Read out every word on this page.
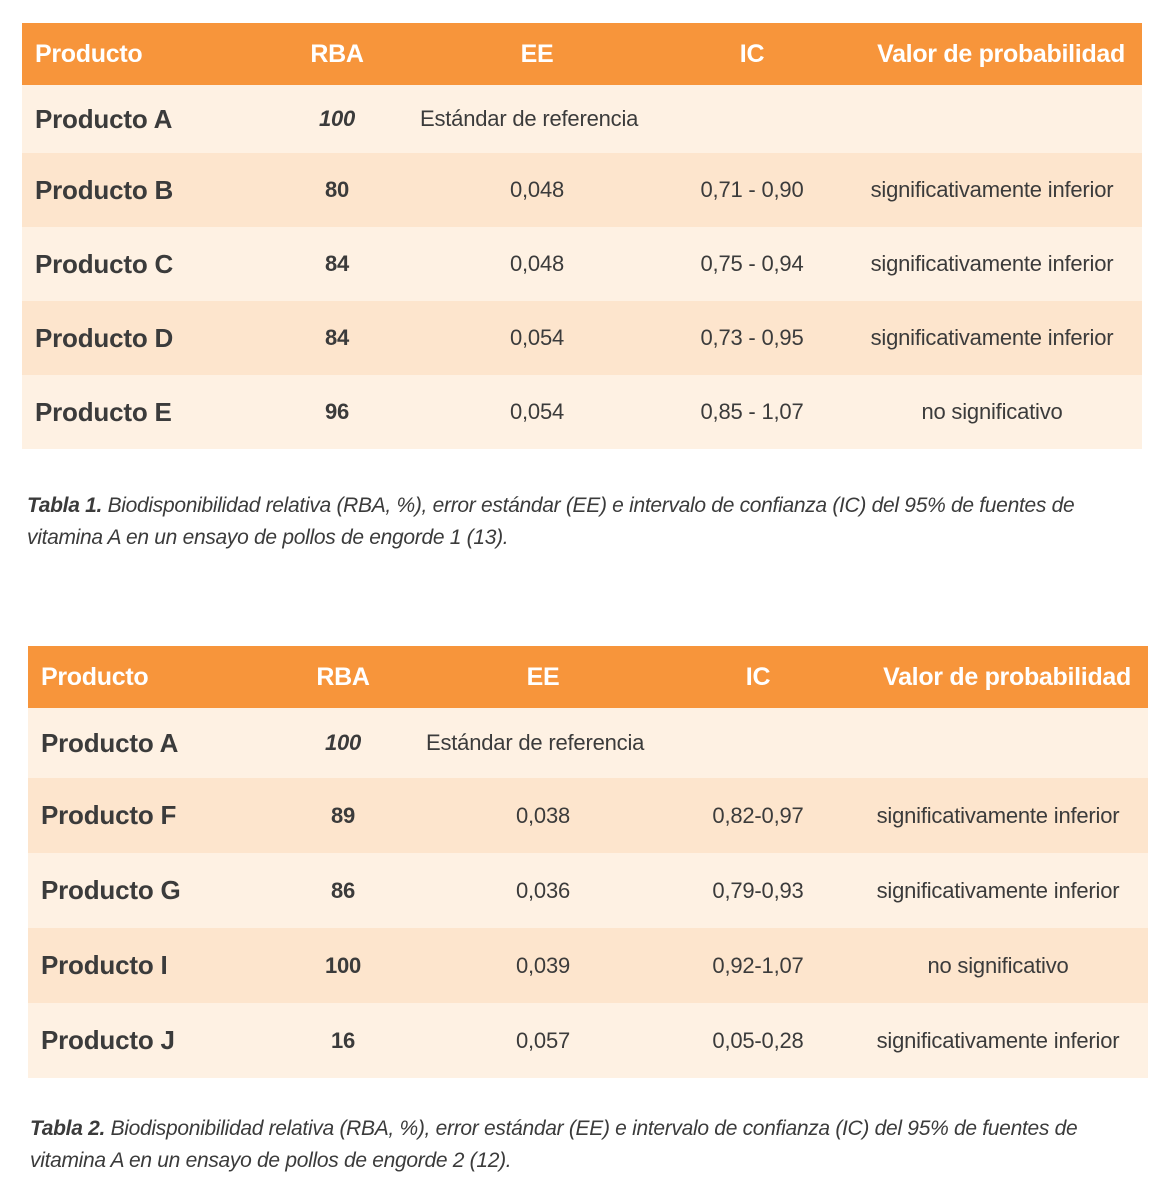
Producto	RBA	EE	IC	Valor de probabilidad
Producto A	100	Estándar de referencia		
Producto B	80	0,048	0,71 - 0,90	significativamente inferior
Producto C	84	0,048	0,75 - 0,94	significativamente inferior
Producto D	84	0,054	0,73 - 0,95	significativamente inferior
Producto E	96	0,054	0,85 - 1,07	no significativo
Tabla 1. Biodisponibilidad relativa (RBA, %), error estándar (EE) e intervalo de confianza (IC) del 95% de fuentes de vitamina A en un ensayo de pollos de engorde 1 (13).
Producto	RBA	EE	IC	Valor de probabilidad
Producto A	100	Estándar de referencia		
Producto F	89	0,038	0,82-0,97	significativamente inferior
Producto G	86	0,036	0,79-0,93	significativamente inferior
Producto I	100	0,039	0,92-1,07	no significativo
Producto J	16	0,057	0,05-0,28	significativamente inferior
Tabla 2. Biodisponibilidad relativa (RBA, %), error estándar (EE) e intervalo de confianza (IC) del 95% de fuentes de vitamina A en un ensayo de pollos de engorde 2 (12).
